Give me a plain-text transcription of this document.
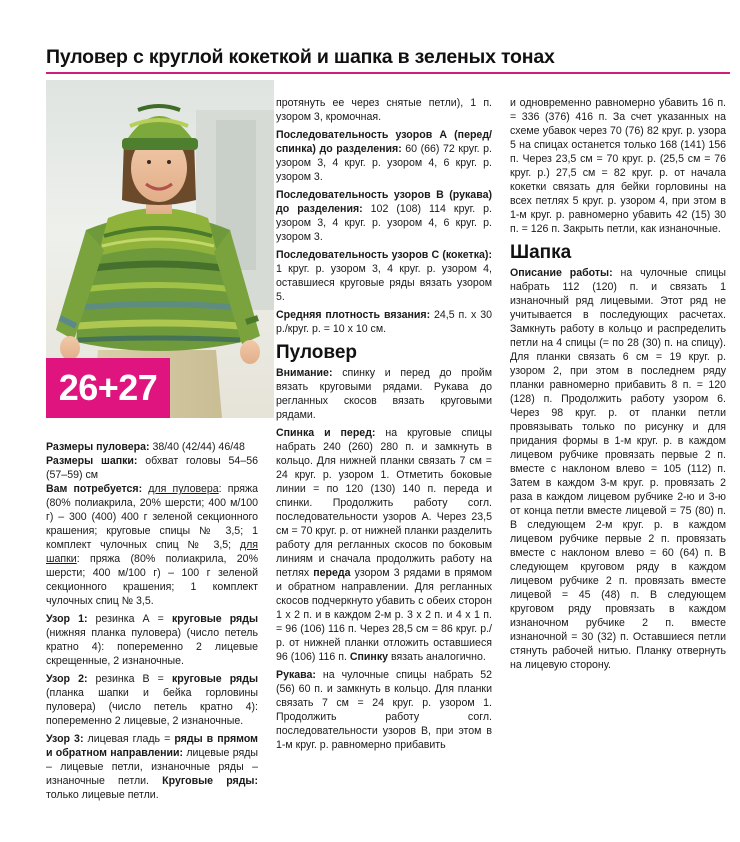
Пуловер с круглой кокеткой и шапка в зеленых тонах
26+27

Размеры пуловера: 38/40 (42/44) 46/48

Размеры шапки: обхват головы 54–56 (57–59) см

Вам потребуется: для пуловера: пряжа (80% полиакрила, 20% шерсти; 400 м/100 г) – 300 (400) 400 г зеленой секционного крашения; круговые спицы № 3,5; 1 комплект чулочных спиц № 3,5; для шапки: пряжа (80% полиакрила, 20% шерсти; 400 м/100 г) – 100 г зеленой секционного крашения; 1 комплект чулочных спиц № 3,5.

Узор 1: резинка А = круговые ряды (нижняя планка пуловера) (число петель кратно 4): попеременно 2 лицевые скрещенные, 2 изнаночные.

Узор 2: резинка В = круговые ряды (планка шапки и бейка горловины пуловера) (число петель кратно 4): попеременно 2 лицевые, 2 изнаночные.

Узор 3: лицевая гладь = ряды в прямом и обратном направлении: лицевые ряды – лицевые петли, изнаночные ряды – изнаночные петли. Круговые ряды: только лицевые петли.

протянуть ее через снятые петли), 1 п. узором 3, кромочная.

Последовательность узоров А (перед/спинка) до разделения: 60 (66) 72 круг. р. узором 3, 4 круг. р. узором 4, 6 круг. р. узором 3.

Последовательность узоров В (рукава) до разделения: 102 (108) 114 круг. р. узором 3, 4 круг. р. узором 4, 6 круг. р. узором 3.

Последовательность узоров С (кокетка): 1 круг. р. узором 3, 4 круг. р. узором 4, оставшиеся круговые ряды вязать узором 5.

Средняя плотность вязания: 24,5 п. х 30 р./круг. р. = 10 х 10 см.

Пуловер

Внимание: спинку и перед до пройм вязать круговыми рядами. Рукава до регланных скосов вязать круговыми рядами.

Спинка и перед: на круговые спицы набрать 240 (260) 280 п. и замкнуть в кольцо. Для нижней планки связать 7 см = 24 круг. р. узором 1. Отметить боковые линии = по 120 (130) 140 п. переда и спинки. Продолжить работу согл. последовательности узоров А. Через 23,5 см = 70 круг. р. от нижней планки разделить работу для регланных скосов по боковым линиям и сначала продолжить работу на петлях переда узором 3 рядами в прямом и обратном направлении. Для регланных скосов подчеркнуто убавить с обеих сторон 1 х 2 п. и в каждом 2-м р. 3 х 2 п. и 4 х 1 п. = 96 (106) 116 п. Через 28,5 см = 86 круг. р./р. от нижней планки отложить оставшиеся 96 (106) 116 п. Спинку вязать аналогично.

Рукава: на чулочные спицы набрать 52 (56) 60 п. и замкнуть в кольцо. Для планки связать 7 см = 24 круг. р. узором 1. Продолжить работу согл. последовательности узоров В, при этом в 1-м круг. р. равномерно прибавить

и одновременно равномерно убавить 16 п. = 336 (376) 416 п. За счет указанных на схеме убавок через 70 (76) 82 круг. р. узора 5 на спицах останется только 168 (141) 156 п. Через 23,5 см = 70 круг. р. (25,5 см = 76 круг. р.) 27,5 см = 82 круг. р. от начала кокетки связать для бейки горловины на всех петлях 5 круг. р. узором 4, при этом в 1-м круг. р. равномерно убавить 42 (15) 30 п. = 126 п. Закрыть петли, как изнаночные.

Шапка

Описание работы: на чулочные спицы набрать 112 (120) п. и связать 1 изнаночный ряд лицевыми. Этот ряд не учитывается в последующих расчетах. Замкнуть работу в кольцо и распределить петли на 4 спицы (= по 28 (30) п. на спицу). Для планки связать 6 см = 19 круг. р. узором 2, при этом в последнем ряду планки равномерно прибавить 8 п. = 120 (128) п. Продолжить работу узором 6. Через 98 круг. р. от планки петли провязывать только по рисунку и для придания формы в 1-м круг. р. в каждом лицевом рубчике провязать первые 2 п. вместе с наклоном влево = 105 (112) п. Затем в каждом 3-м круг. р. провязать 2 раза в каждом лицевом рубчике 2-ю и 3-ю от конца петли вместе лицевой = 75 (80) п. В следующем 2-м круг. р. в каждом лицевом рубчике первые 2 п. провязать вместе с наклоном влево = 60 (64) п. В следующем круговом ряду в каждом лицевом рубчике 2 п. провязать вместе лицевой = 45 (48) п. В следующем круговом ряду провязать в каждом изнаночном рубчике 2 п. вместе изнаночной = 30 (32) п. Оставшиеся петли стянуть рабочей нитью. Планку отвернуть на лицевую сторону.
